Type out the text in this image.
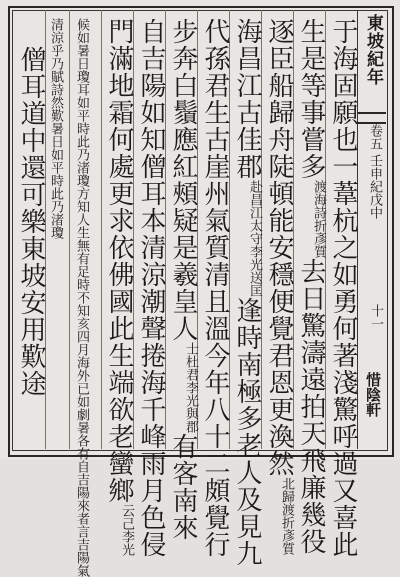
東坡紀年
卷五 壬申紀戊中
十一
惜陰軒
于海固願也一葦杭之如勇何著淺驚呼過又喜此
生是等事嘗多
折彥質
渡海詩
去日驚濤遠拍天飛廉幾役
逐臣船歸舟陡頓能安穩便覺君恩更渙然
折彥質
北歸渡
海昌江古佳郡
李光送匡
赴昌江太守
逢時南極多老人及見九
代孫君生古崖州氣質清且溫今年八十二頗覺行
步奔白鬚應紅頰疑是羲皇人
李光與郡
士杜君
有客南來
自吉陽如知僧耳本清涼潮聲捲海千峰雨月色侵
門滿地霜何處更求依佛國此生端欲老蠻鄉
李光
云己
亥四月海外已如劇暑各有自吉陽來者言吉陽氣
候如暑日瓊耳如平時此乃渚瓊方知人生無有足時不知
然歎暑日如平時此乃渚瓊
清涼乎乃賦詩
僧耳道中還可樂東坡安用歎途
